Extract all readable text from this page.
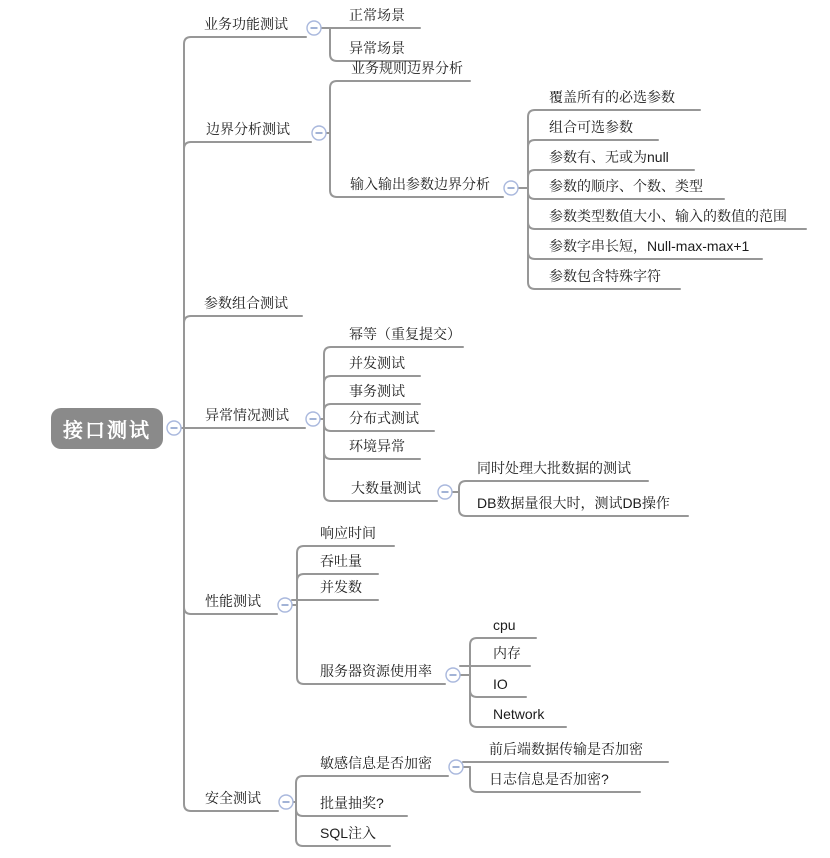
接口测试
业务功能测试
正常场景
异常场景
边界分析测试
业务规则边界分析
输入输出参数边界分析
覆盖所有的必选参数
组合可选参数
参数有、无或为null
参数的顺序、个数、类型
参数类型数值大小、输入的数值的范围
参数字串长短，Null-max-max+1
参数包含特殊字符
参数组合测试
异常情况测试
幂等（重复提交）
并发测试
事务测试
分布式测试
环境异常
大数量测试
同时处理大批数据的测试
DB数据量很大时，测试DB操作
性能测试
响应时间
吞吐量
并发数
服务器资源使用率
cpu
内存
IO
Network
安全测试
敏感信息是否加密
前后端数据传输是否加密
日志信息是否加密?
批量抽奖?
SQL注入
